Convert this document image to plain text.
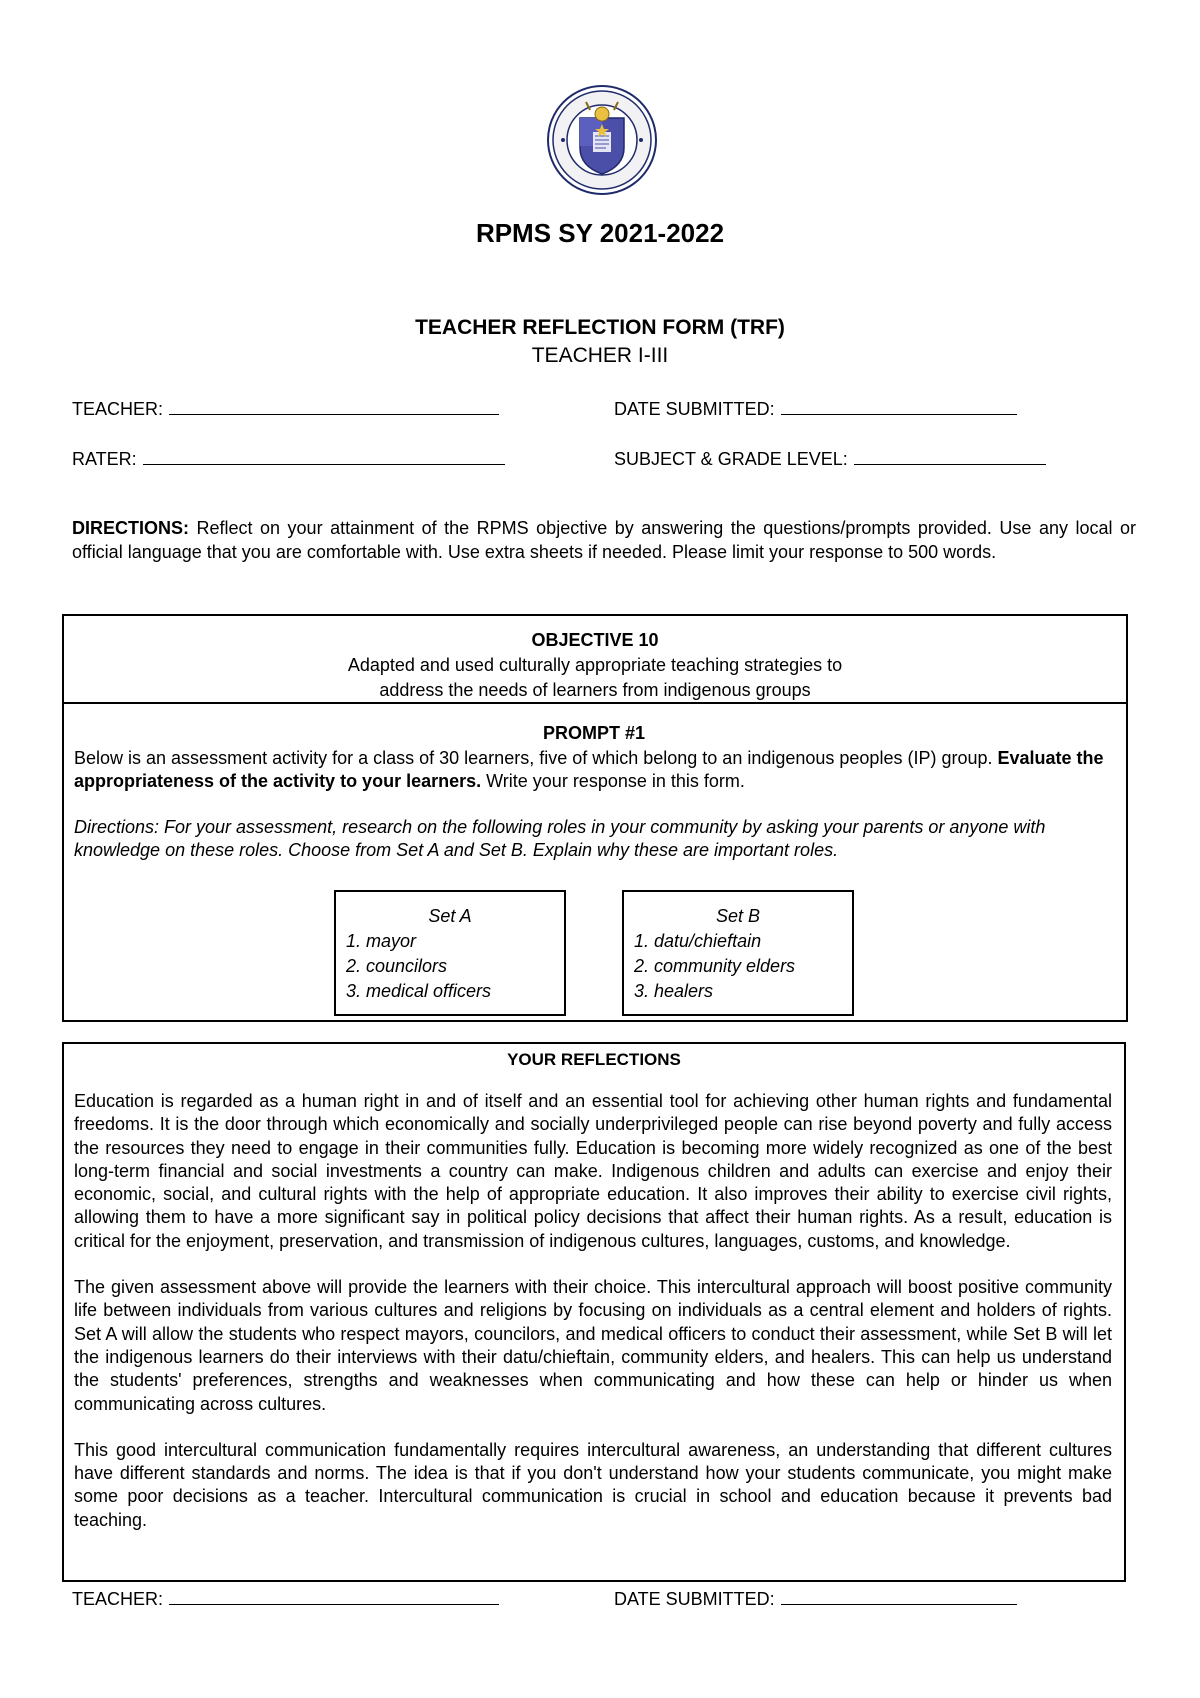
RPMS SY 2021-2022
TEACHER REFLECTION FORM (TRF)
TEACHER I-III
TEACHER:	DATE SUBMITTED:
RATER:	SUBJECT & GRADE LEVEL:
DIRECTIONS: Reflect on your attainment of the RPMS objective by answering the questions/prompts provided. Use any local or official language that you are comfortable with. Use extra sheets if needed. Please limit your response to 500 words.
OBJECTIVE 10
Adapted and used culturally appropriate teaching strategies to
address the needs of learners from indigenous groups
PROMPT #1
Below is an assessment activity for a class of 30 learners, five of which belong to an indigenous peoples (IP) group. Evaluate the appropriateness of the activity to your learners. Write your response in this form.
Directions: For your assessment, research on the following roles in your community by asking your parents or anyone with knowledge on these roles. Choose from Set A and Set B. Explain why these are important roles.
Set A
1. mayor
2. councilors
3. medical officers
Set B
1. datu/chieftain
2. community elders
3. healers
YOUR REFLECTIONS

Education is regarded as a human right in and of itself and an essential tool for achieving other human rights and fundamental freedoms. It is the door through which economically and socially underprivileged people can rise beyond poverty and fully access the resources they need to engage in their communities fully. Education is becoming more widely recognized as one of the best long-term financial and social investments a country can make. Indigenous children and adults can exercise and enjoy their economic, social, and cultural rights with the help of appropriate education. It also improves their ability to exercise civil rights, allowing them to have a more significant say in political policy decisions that affect their human rights. As a result, education is critical for the enjoyment, preservation, and transmission of indigenous cultures, languages, customs, and knowledge.

The given assessment above will provide the learners with their choice. This intercultural approach will boost positive community life between individuals from various cultures and religions by focusing on individuals as a central element and holders of rights. Set A will allow the students who respect mayors, councilors, and medical officers to conduct their assessment, while Set B will let the indigenous learners do their interviews with their datu/chieftain, community elders, and healers. This can help us understand the students' preferences, strengths and weaknesses when communicating and how these can help or hinder us when communicating across cultures.

This good intercultural communication fundamentally requires intercultural awareness, an understanding that different cultures have different standards and norms. The idea is that if you don't understand how your students communicate, you might make some poor decisions as a teacher. Intercultural communication is crucial in school and education because it prevents bad teaching.

TEACHER:	DATE SUBMITTED:
